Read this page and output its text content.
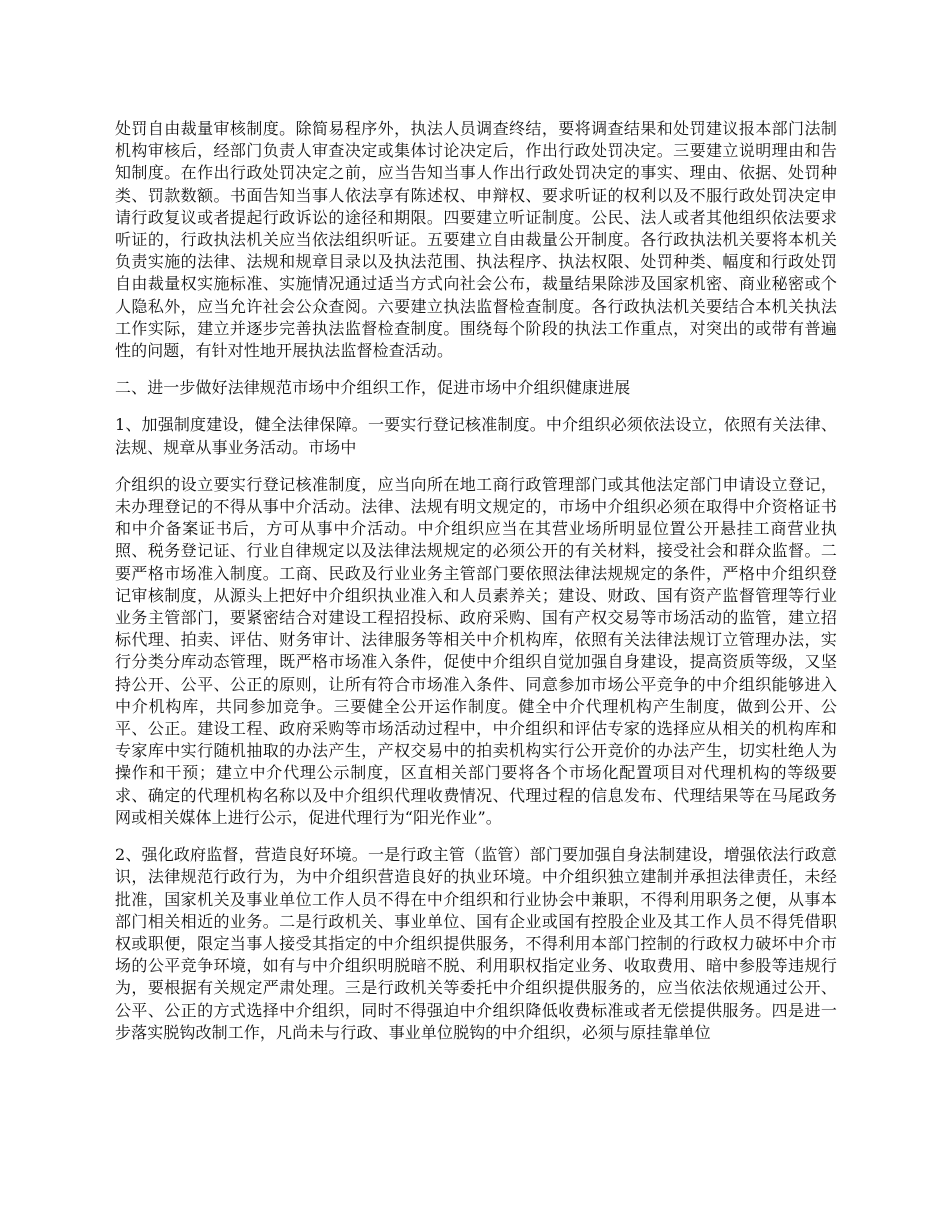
处罚自由裁量审核制度。除简易程序外，执法人员调查终结，要将调查结果和处罚建议报本部门法制机构审核后，经部门负责人审查决定或集体讨论决定后，作出行政处罚决定。三要建立说明理由和告知制度。在作出行政处罚决定之前，应当告知当事人作出行政处罚决定的事实、理由、依据、处罚种类、罚款数额。书面告知当事人依法享有陈述权、申辩权、要求听证的权利以及不服行政处罚决定申请行政复议或者提起行政诉讼的途径和期限。四要建立听证制度。公民、法人或者其他组织依法要求听证的，行政执法机关应当依法组织听证。五要建立自由裁量公开制度。各行政执法机关要将本机关负责实施的法律、法规和规章目录以及执法范围、执法程序、执法权限、处罚种类、幅度和行政处罚自由裁量权实施标准、实施情况通过适当方式向社会公布，裁量结果除涉及国家机密、商业秘密或个人隐私外，应当允许社会公众查阅。六要建立执法监督检查制度。各行政执法机关要结合本机关执法工作实际，建立并逐步完善执法监督检查制度。围绕每个阶段的执法工作重点，对突出的或带有普遍性的问题，有针对性地开展执法监督检查活动。

二、进一步做好法律规范市场中介组织工作，促进市场中介组织健康进展

1、加强制度建设，健全法律保障。一要实行登记核准制度。中介组织必须依法设立，依照有关法律、法规、规章从事业务活动。市场中

介组织的设立要实行登记核准制度，应当向所在地工商行政管理部门或其他法定部门申请设立登记，未办理登记的不得从事中介活动。法律、法规有明文规定的，市场中介组织必须在取得中介资格证书和中介备案证书后，方可从事中介活动。中介组织应当在其营业场所明显位置公开悬挂工商营业执照、税务登记证、行业自律规定以及法律法规规定的必须公开的有关材料，接受社会和群众监督。二要严格市场准入制度。工商、民政及行业业务主管部门要依照法律法规规定的条件，严格中介组织登记审核制度，从源头上把好中介组织执业准入和人员素养关；建设、财政、国有资产监督管理等行业业务主管部门，要紧密结合对建设工程招投标、政府采购、国有产权交易等市场活动的监管，建立招标代理、拍卖、评估、财务审计、法律服务等相关中介机构库，依照有关法律法规订立管理办法，实行分类分库动态管理，既严格市场准入条件，促使中介组织自觉加强自身建设，提高资质等级，又坚持公开、公平、公正的原则，让所有符合市场准入条件、同意参加市场公平竞争的中介组织能够进入中介机构库，共同参加竞争。三要健全公开运作制度。健全中介代理机构产生制度，做到公开、公平、公正。建设工程、政府采购等市场活动过程中，中介组织和评估专家的选择应从相关的机构库和专家库中实行随机抽取的办法产生，产权交易中的拍卖机构实行公开竞价的办法产生，切实杜绝人为操作和干预；建立中介代理公示制度，区直相关部门要将各个市场化配置项目对代理机构的等级要求、确定的代理机构名称以及中介组织代理收费情况、代理过程的信息发布、代理结果等在马尾政务网或相关媒体上进行公示，促进代理行为“阳光作业”。

2、强化政府监督，营造良好环境。一是行政主管（监管）部门要加强自身法制建设，增强依法行政意识，法律规范行政行为，为中介组织营造良好的执业环境。中介组织独立建制并承担法律责任，未经批准，国家机关及事业单位工作人员不得在中介组织和行业协会中兼职，不得利用职务之便，从事本部门相关相近的业务。二是行政机关、事业单位、国有企业或国有控股企业及其工作人员不得凭借职权或职便，限定当事人接受其指定的中介组织提供服务，不得利用本部门控制的行政权力破坏中介市场的公平竞争环境，如有与中介组织明脱暗不脱、利用职权指定业务、收取费用、暗中参股等违规行为，要根据有关规定严肃处理。三是行政机关等委托中介组织提供服务的，应当依法依规通过公开、公平、公正的方式选择中介组织，同时不得强迫中介组织降低收费标准或者无偿提供服务。四是进一步落实脱钩改制工作，凡尚未与行政、事业单位脱钩的中介组织，必须与原挂靠单位
